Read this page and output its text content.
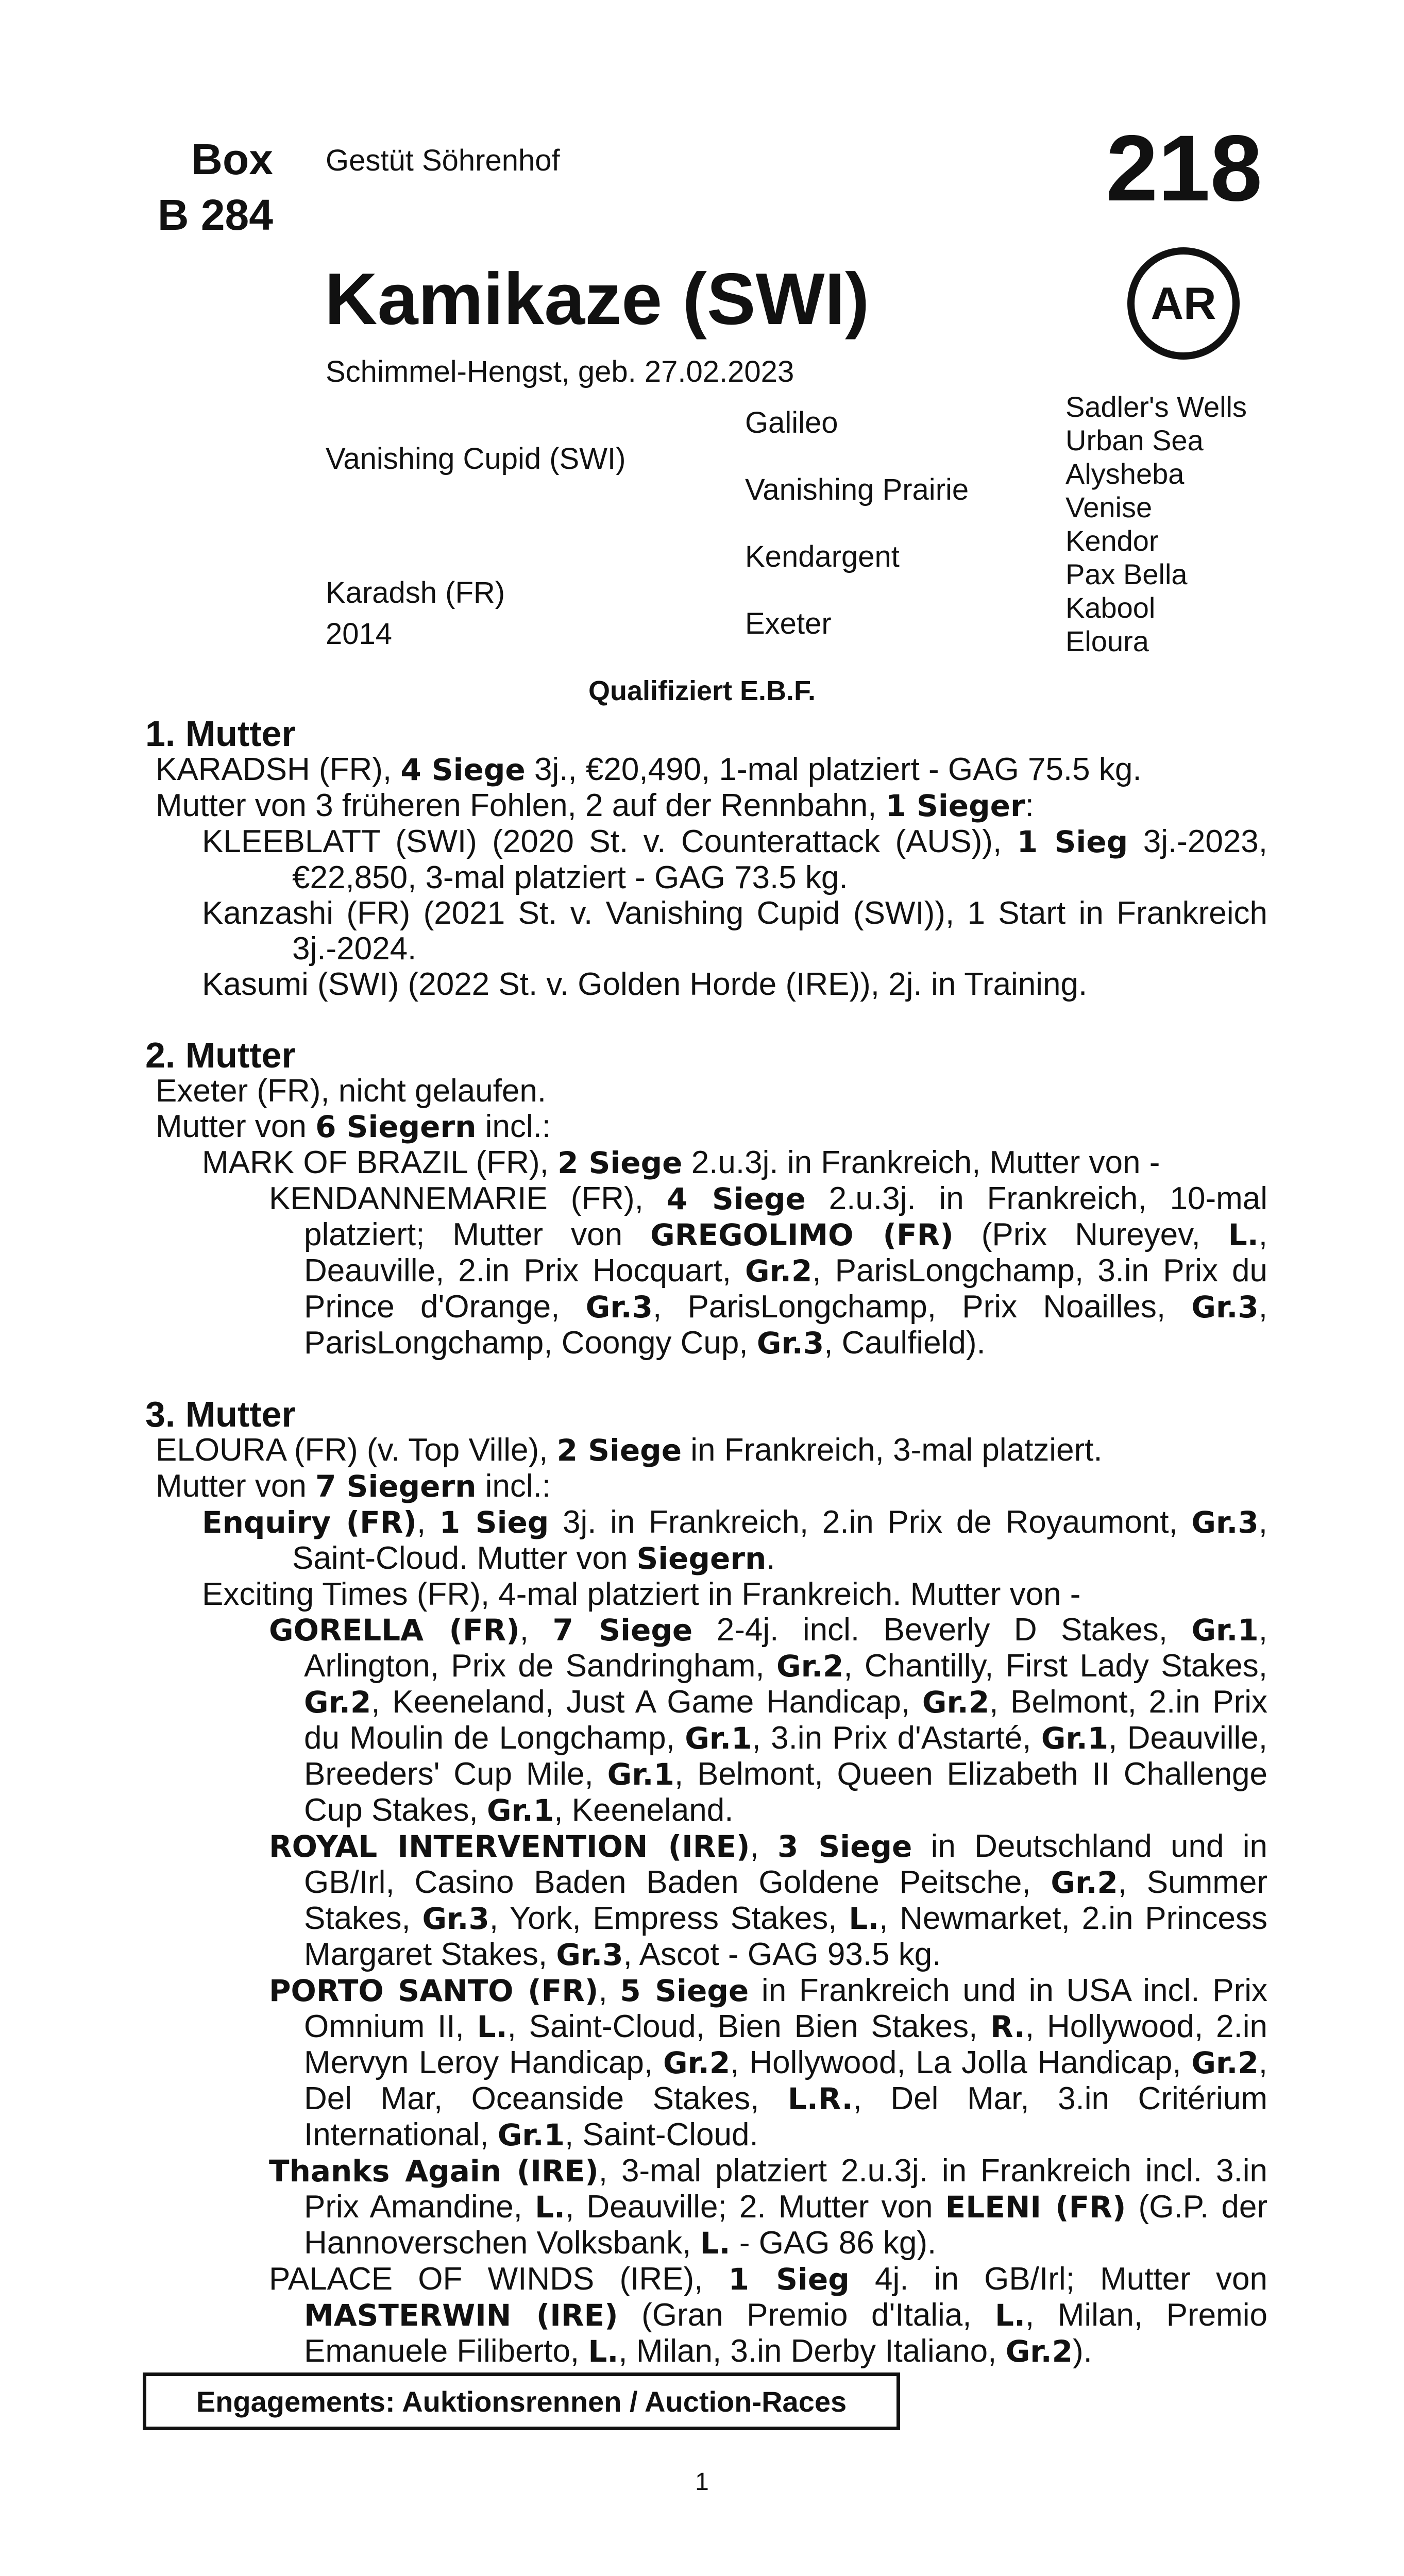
Box
B 284
Gestüt Söhrenhof	218
Kamikaze (SWI)	AR
Schimmel-Hengst, geb. 27.02.2023
Vanishing Cupid (SWI)
Karadsh (FR)
2014
Galileo
Vanishing Prairie
Kendargent
Exeter
Sadler's Wells
Urban Sea
Alysheba
Venise
Kendor
Pax Bella
Kabool
Eloura
Qualifiziert E.B.F.

1. Mutter

KARADSH (FR), 4 Siege 3j., €20,490, 1-mal platziert - GAG 75.5 kg.

Mutter von 3 früheren Fohlen, 2 auf der Rennbahn, 1 Sieger:

KLEEBLATT (SWI) (2020 St. v. Counterattack (AUS)), 1 Sieg 3j.-2023, €22,850, 3-mal platziert - GAG 73.5 kg.

Kanzashi (FR) (2021 St. v. Vanishing Cupid (SWI)), 1 Start in Frankreich 3j.-2024.

Kasumi (SWI) (2022 St. v. Golden Horde (IRE)), 2j. in Training.

2. Mutter

Exeter (FR), nicht gelaufen.

Mutter von 6 Siegern incl.:

MARK OF BRAZIL (FR), 2 Siege 2.u.3j. in Frankreich, Mutter von -

KENDANNEMARIE (FR), 4 Siege 2.u.3j. in Frankreich, 10-mal platziert; Mutter von GREGOLIMO (FR) (Prix Nureyev, L., Deauville, 2.in Prix Hocquart, Gr.2, ParisLongchamp, 3.in Prix du Prince d'Orange, Gr.3, ParisLongchamp, Prix Noailles, Gr.3, ParisLongchamp, Coongy Cup, Gr.3, Caulfield).

3. Mutter

ELOURA (FR) (v. Top Ville), 2 Siege in Frankreich, 3-mal platziert.

Mutter von 7 Siegern incl.:

Enquiry (FR), 1 Sieg 3j. in Frankreich, 2.in Prix de Royaumont, Gr.3, Saint-Cloud. Mutter von Siegern.

Exciting Times (FR), 4-mal platziert in Frankreich. Mutter von -

GORELLA (FR), 7 Siege 2-4j. incl. Beverly D Stakes, Gr.1, Arlington, Prix de Sandringham, Gr.2, Chantilly, First Lady Stakes, Gr.2, Keeneland, Just A Game Handicap, Gr.2, Belmont, 2.in Prix du Moulin de Longchamp, Gr.1, 3.in Prix d'Astarté, Gr.1, Deauville, Breeders' Cup Mile, Gr.1, Belmont, Queen Elizabeth II Challenge Cup Stakes, Gr.1, Keeneland.

ROYAL INTERVENTION (IRE), 3 Siege in Deutschland und in GB/Irl, Casino Baden Baden Goldene Peitsche, Gr.2, Summer Stakes, Gr.3, York, Empress Stakes, L., Newmarket, 2.in Princess Margaret Stakes, Gr.3, Ascot - GAG 93.5 kg.

PORTO SANTO (FR), 5 Siege in Frankreich und in USA incl. Prix Omnium II, L., Saint-Cloud, Bien Bien Stakes, R., Hollywood, 2.in Mervyn Leroy Handicap, Gr.2, Hollywood, La Jolla Handicap, Gr.2, Del Mar, Oceanside Stakes, L.R., Del Mar, 3.in Critérium International, Gr.1, Saint-Cloud.

Thanks Again (IRE), 3-mal platziert 2.u.3j. in Frankreich incl. 3.in Prix Amandine, L., Deauville; 2. Mutter von ELENI (FR) (G.P. der Hannoverschen Volksbank, L. - GAG 86 kg).

PALACE OF WINDS (IRE), 1 Sieg 4j. in GB/Irl; Mutter von MASTERWIN (IRE) (Gran Premio d'Italia, L., Milan, Premio Emanuele Filiberto, L., Milan, 3.in Derby Italiano, Gr.2).

Engagements: Auktionsrennen / Auction-Races
1
